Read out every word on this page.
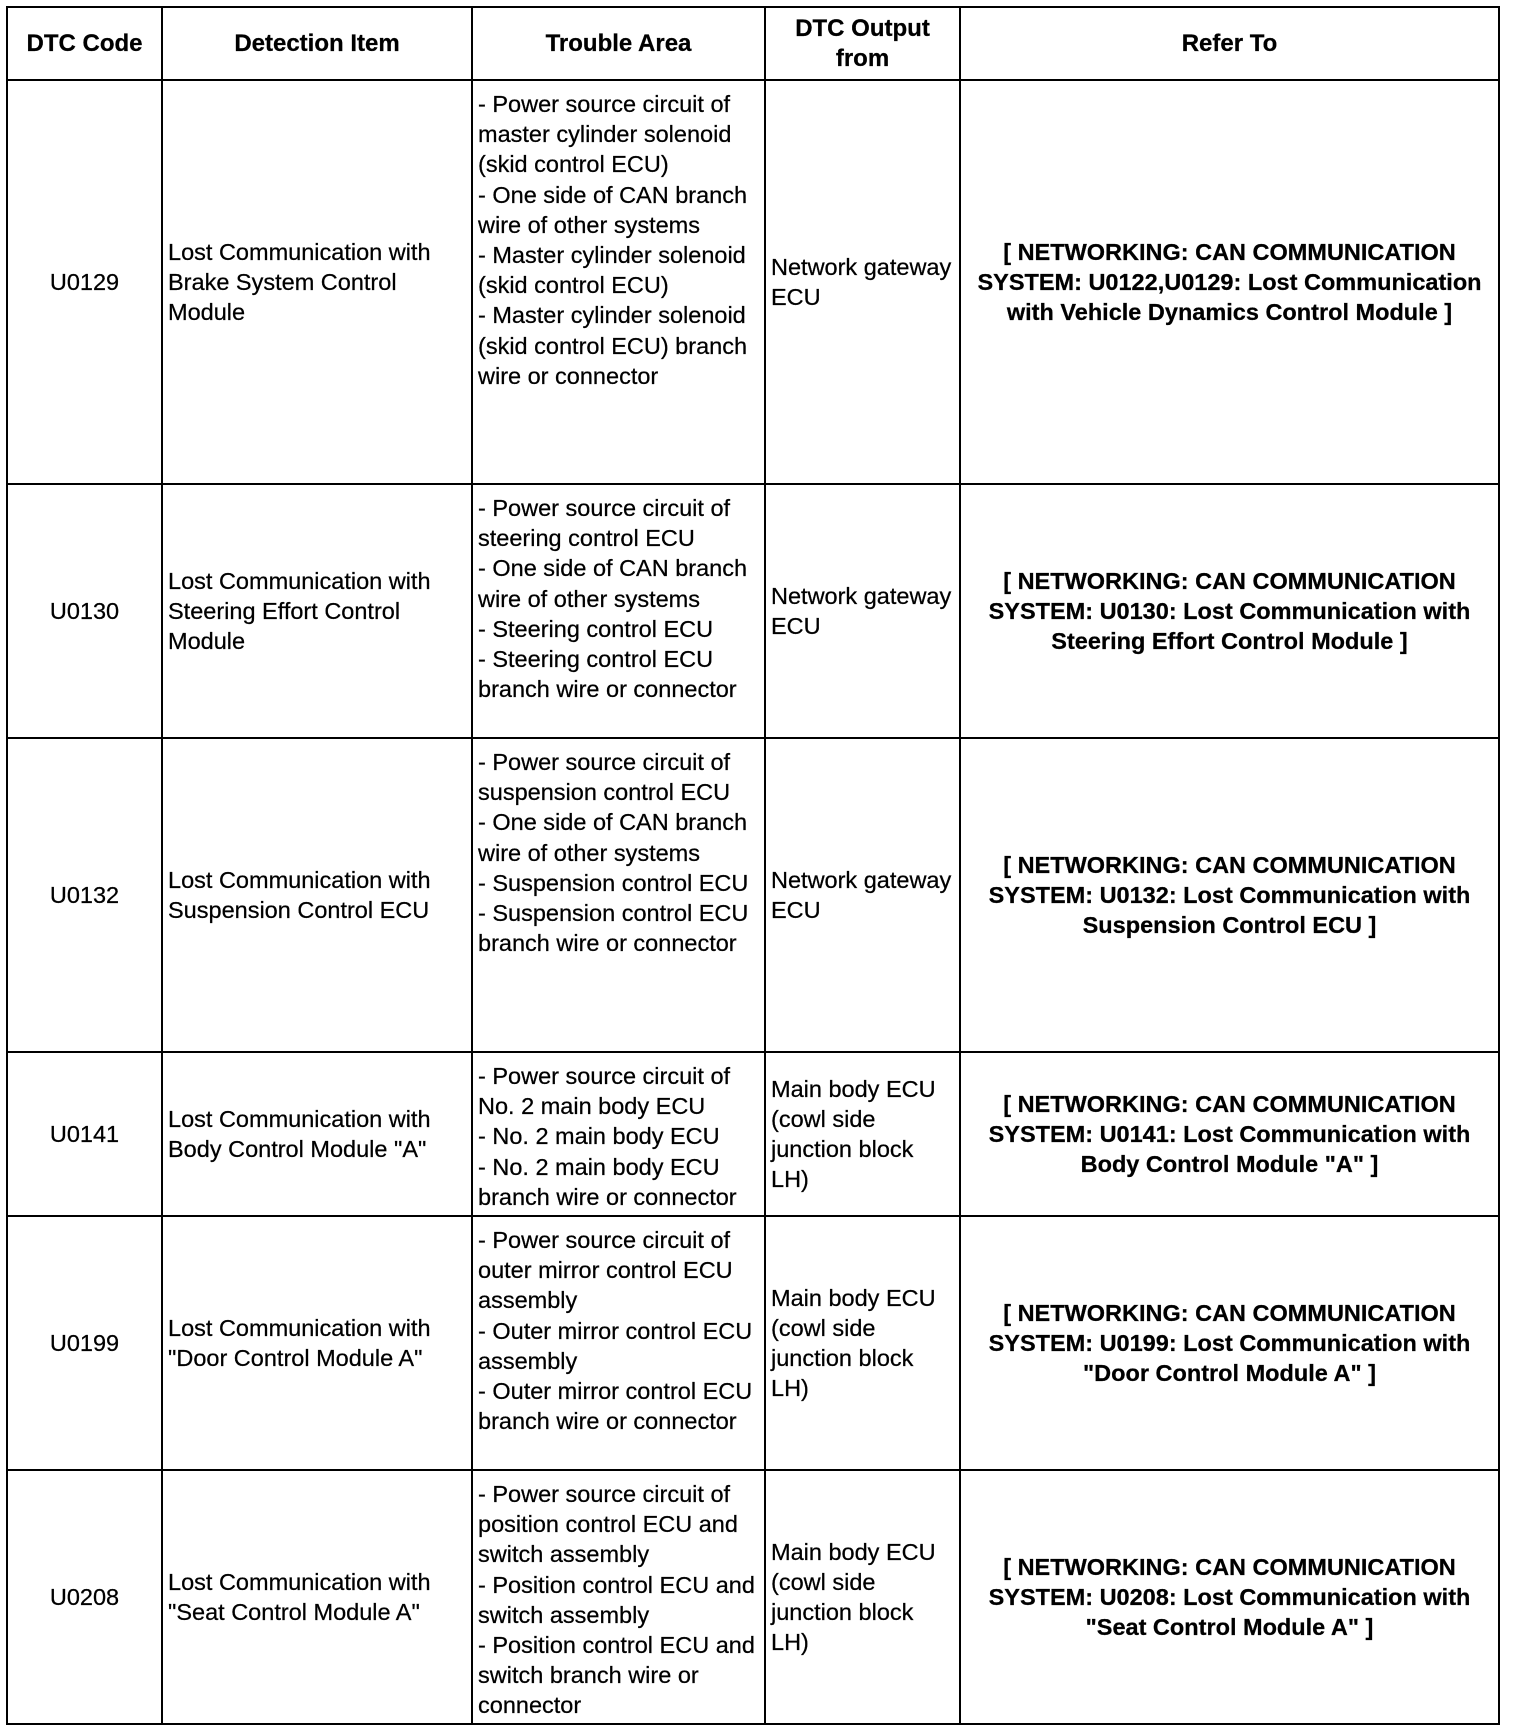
DTC Code	Detection Item	Trouble Area	DTC Output from	Refer To
U0129	Lost Communication with Brake System Control Module	- Power source circuit of master cylinder solenoid (skid control ECU)
- One side of CAN branch wire of other systems
- Master cylinder solenoid (skid control ECU)
- Master cylinder solenoid (skid control ECU) branch wire or connector	Network gateway ECU	[ NETWORKING: CAN COMMUNICATION SYSTEM: U0122,U0129: Lost Communication with Vehicle Dynamics Control Module ]
U0130	Lost Communication with Steering Effort Control Module	- Power source circuit of steering control ECU
- One side of CAN branch wire of other systems
- Steering control ECU
- Steering control ECU branch wire or connector	Network gateway ECU	[ NETWORKING: CAN COMMUNICATION SYSTEM: U0130: Lost Communication with Steering Effort Control Module ]
U0132	Lost Communication with Suspension Control ECU	- Power source circuit of suspension control ECU
- One side of CAN branch wire of other systems
- Suspension control ECU
- Suspension control ECU branch wire or connector	Network gateway ECU	[ NETWORKING: CAN COMMUNICATION SYSTEM: U0132: Lost Communication with Suspension Control ECU ]
U0141	Lost Communication with Body Control Module "A"	- Power source circuit of No. 2 main body ECU
- No. 2 main body ECU
- No. 2 main body ECU branch wire or connector	Main body ECU (cowl side junction block LH)	[ NETWORKING: CAN COMMUNICATION SYSTEM: U0141: Lost Communication with Body Control Module "A" ]
U0199	Lost Communication with "Door Control Module A"	- Power source circuit of outer mirror control ECU assembly
- Outer mirror control ECU assembly
- Outer mirror control ECU branch wire or connector	Main body ECU (cowl side junction block LH)	[ NETWORKING: CAN COMMUNICATION SYSTEM: U0199: Lost Communication with "Door Control Module A" ]
U0208	Lost Communication with "Seat Control Module A"	- Power source circuit of position control ECU and switch assembly
- Position control ECU and switch assembly
- Position control ECU and switch branch wire or connector	Main body ECU (cowl side junction block LH)	[ NETWORKING: CAN COMMUNICATION SYSTEM: U0208: Lost Communication with "Seat Control Module A" ]
